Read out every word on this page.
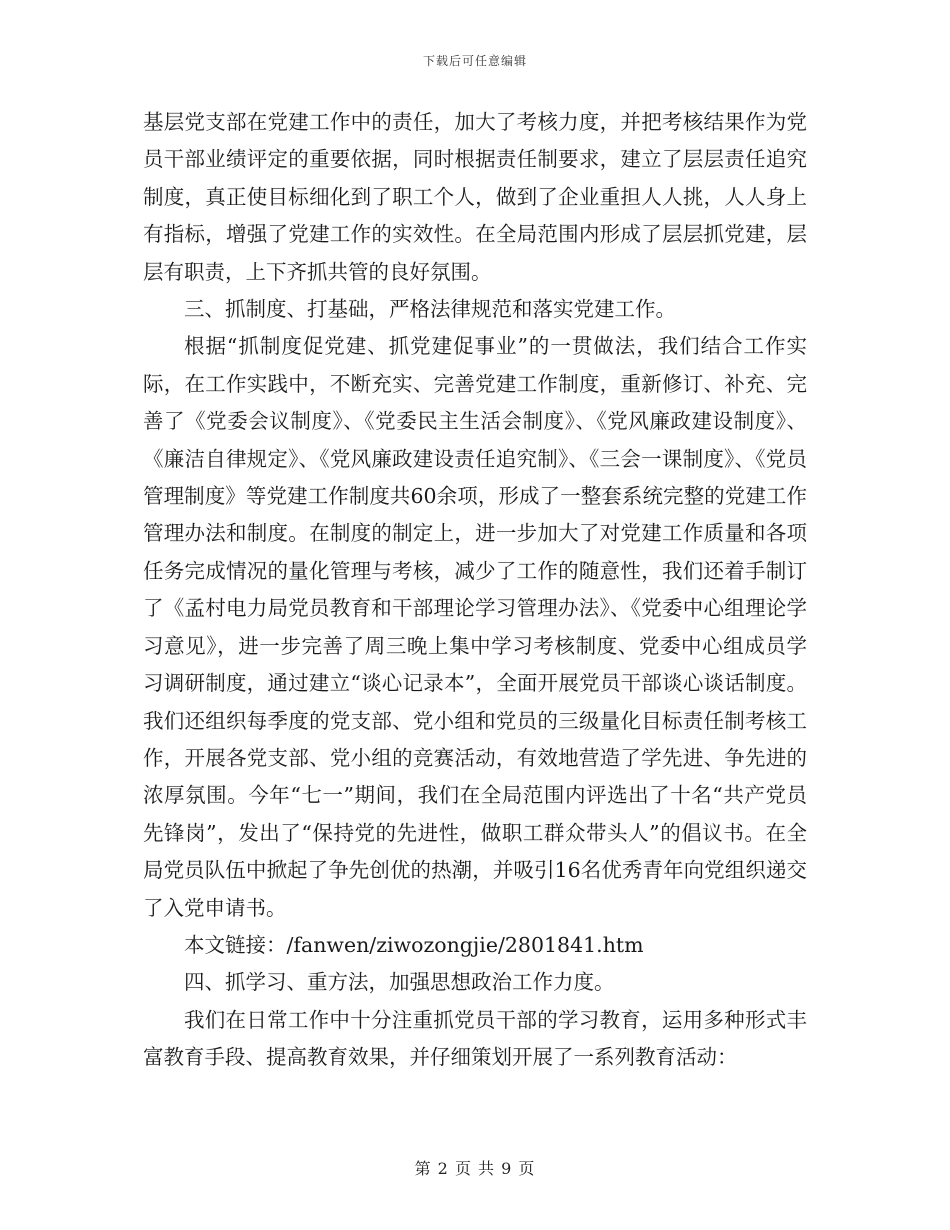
下载后可任意编辑

基层党支部在党建工作中的责任，加大了考核力度，并把考核结果作为党员干部业绩评定的重要依据，同时根据责任制要求，建立了层层责任追究制度，真正使目标细化到了职工个人，做到了企业重担人人挑，人人身上有指标，增强了党建工作的实效性。在全局范围内形成了层层抓党建，层层有职责，上下齐抓共管的良好氛围。

三、抓制度、打基础，严格法律规范和落实党建工作。

根据“抓制度促党建、抓党建促事业”的一贯做法，我们结合工作实际，在工作实践中，不断充实、完善党建工作制度，重新修订、补充、完善了《党委会议制度》、《党委民主生活会制度》、《党风廉政建设制度》、《廉洁自律规定》、《党风廉政建设责任追究制》、《三会一课制度》、《党员管理制度》等党建工作制度共60余项，形成了一整套系统完整的党建工作管理办法和制度。在制度的制定上，进一步加大了对党建工作质量和各项任务完成情况的量化管理与考核，减少了工作的随意性，我们还着手制订了《孟村电力局党员教育和干部理论学习管理办法》、《党委中心组理论学习意见》，进一步完善了周三晚上集中学习考核制度、党委中心组成员学习调研制度，通过建立“谈心记录本”，全面开展党员干部谈心谈话制度。我们还组织每季度的党支部、党小组和党员的三级量化目标责任制考核工作，开展各党支部、党小组的竞赛活动，有效地营造了学先进、争先进的浓厚氛围。今年“七一”期间，我们在全局范围内评选出了十名“共产党员先锋岗”，发出了“保持党的先进性，做职工群众带头人”的倡议书。在全局党员队伍中掀起了争先创优的热潮，并吸引16名优秀青年向党组织递交了入党申请书。

本文链接：/fanwen/ziwozongjie/2801841.htm

四、抓学习、重方法，加强思想政治工作力度。

我们在日常工作中十分注重抓党员干部的学习教育，运用多种形式丰富教育手段、提高教育效果，并仔细策划开展了一系列教育活动：

第 2 页 共 9 页
